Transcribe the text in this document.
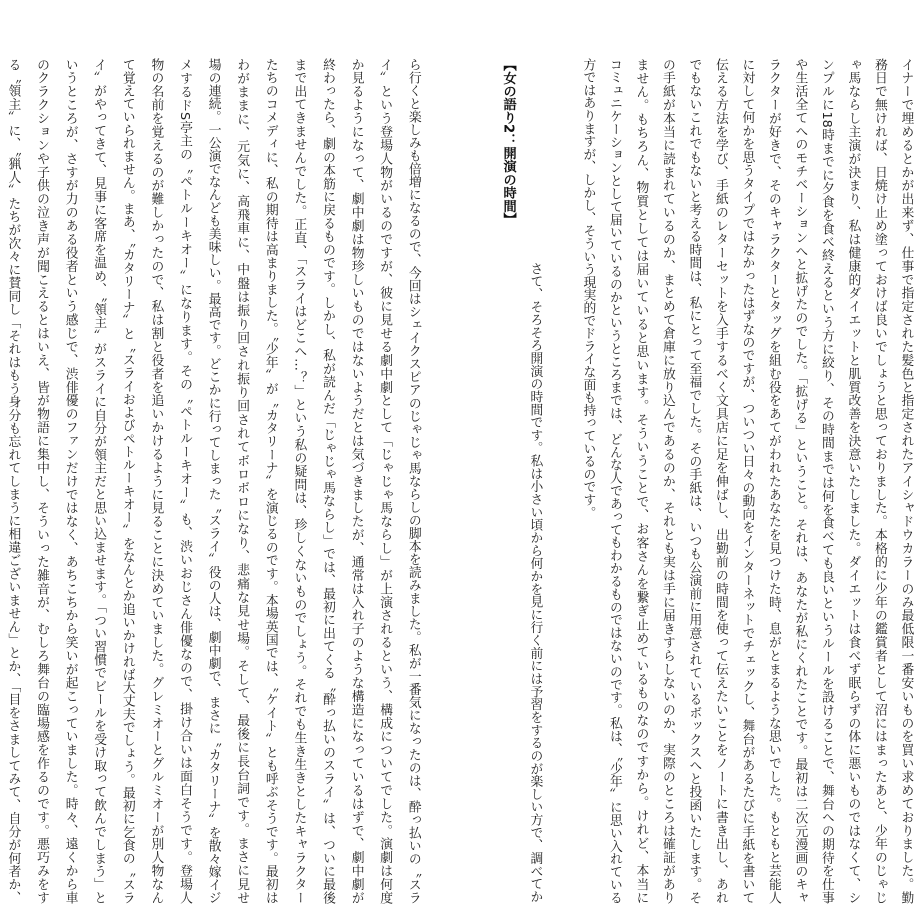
イナーで埋めるとかが出来ず、仕事で指定された髪色と指定されたアイシャドウカラーのみ最低限一番安いものを買い求めておりました。勤
務日で無ければ、日焼け止め塗っておけば良いでしょうと思っておりました。本格的に少年の鑑賞者として沼にはまったあと、少年のじゃじ
ゃ馬ならし主演が決まり、私は健康的ダイエットと肌質改善を決意いたしました。ダイエットは食べず眠らずの体に悪いものではなくて、シ
ンプルに18時までに夕食を食べ終えるという方に絞り、その時間までは何を食べても良いというルールを設けることで、舞台への期待を仕事
や生活全てへのモチベーションへと拡げたのでした。「拡げる」ということ。それは、あなたが私にくれたことです。最初は二次元漫画のキャ
ラクターが好きで、そのキャラクターとタッグを組む役をあてがわれたあなたを見つけた時、息がとまるような思いでした。もともと芸能人
に対して何かを思うタイプではなかったはずなのですが、ついつい日々の動向をインターネットでチェックし、舞台があるたびに手紙を書いて
伝える方法を学び、手紙のレターセットを入手するべく文具店に足を伸ばし、出勤前の時間を使って伝えたいことをノートに書き出し、あれ
でもないこれでもないと考える時間は、私にとって至福でした。その手紙は、いつも公演前に用意されているボックスへと投函いたします。そ
の手紙が本当に読まれているのか、まとめて倉庫に放り込んであるのか、それとも実は手に届きすらしないのか、実際のところは確証があり
ません。もちろん、物質としては届いていると思います。そういうことで、お客さんを繋ぎ止めているものなのですから。けれど、本当に
コミュニケーションとして届いているのかというところまでは、どんな人であってもわかるものではないのです。私は、〝少年〟に思い入れている
方ではありますが、しかし、そういう現実的でドライな面も持っているのです。
さて、そろそろ開演の時間です。私は小さい頃から何かを見に行く前には予習をするのが楽しい方で、調べてか
【女の語り2：開演の時間】
ら行くと楽しみも倍増になるので、今回はシェイクスピアのじゃじゃ馬ならしの脚本を読みました。私が一番気になったのは、酔っ払いの〝スラ
イ〟という登場人物がいるのですが、彼に見せる劇中劇として「じゃじゃ馬ならし」が上演されるという、構成についてでした。演劇は何度
か見るようになって、劇中劇は物珍しいものではないようだとは気づきましたが、通常は入れ子のような構造になっているはずで、劇中劇が
終わったら、劇の本筋に戻るものです。しかし、私が読んだ「じゃじゃ馬ならし」では、最初に出てくる〝酔っ払いのスライ〟は、ついに最後
まで出てきませんでした。正直、「スライはどこへ…？」という私の疑問は、珍しくないものでしょう。それでも生き生きとしたキャラクター
たちのコメディに、私の期待は高まりました。〝少年〟が〝カタリーナ〟を演じるのです。本場英国では、〝ケイト〟とも呼ぶそうです。最初は
わがままに、元気に、高飛車に、中盤は振り回され振り回されてボロボロになり、悲痛な見せ場。そして、最後に長台詞です。まさに見せ
場の連続。一公演でなんども美味しい。最高です。どこかに行ってしまった〝スライ〟役の人は、劇中劇で、まさに〝カタリーナ〟を散々嫁イジ
メするドS亭主の〝ペトルーキオー〟になります。その〝ペトルーキオー〟も、渋いおじさん俳優なので、掛け合いは面白そうです。登場人
物の名前を覚えるのが難しかったので、私は割と役者を追いかけるように見ることに決めていました。グレミオーとグルミオーが別人物なん
て覚えていられません。まあ、〝カタリーナ〟と〝スライおよびペトルーキオー〟をなんとか追いかければ大丈夫でしょう。最初に乞食の〝スラ
イ〟がやってきて、見事に客席を温め、〝領主〟がスライに自分が領主だと思い込ませます。「つい習慣でビールを受け取って飲んでしまう」と
いうところが、さすが力のある役者という感じで、渋俳優のファンだけではなく、あちこちから笑いが起こっていました。時々、遠くから車
のクラクションや子供の泣き声が聞こえるとはいえ、皆が物語に集中し、そういった雑音が、むしろ舞台の臨場感を作るのです。悪巧みをす
る〝領主〟に、〝猟人〟たちが次々に賛同し「それはもう身分も忘れてしまうに相違ございません」とか、「目をさましてみて、自分が何者か、
